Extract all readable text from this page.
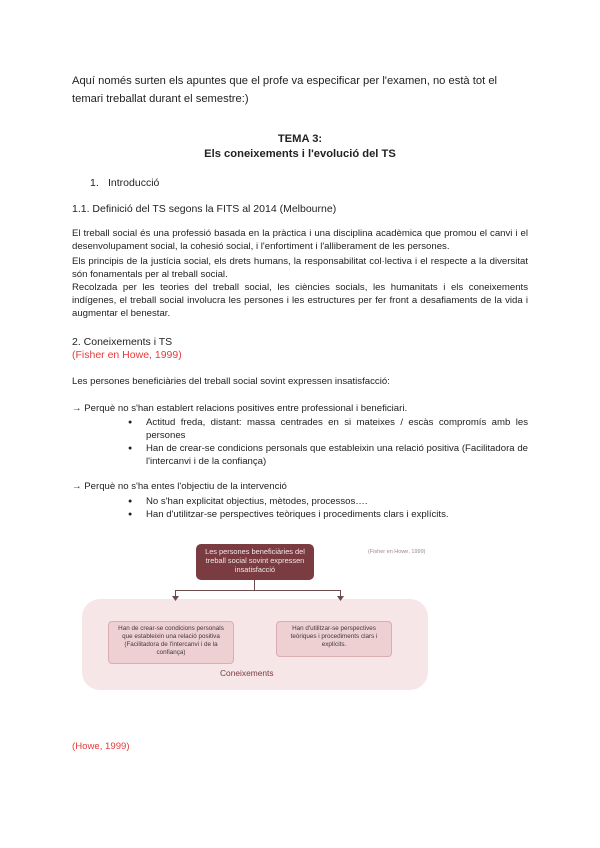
Aquí només surten els apuntes que el profe va especificar per l'examen, no està tot el
temari treballat durant el semestre:)
TEMA 3:
Els coneixements i l'evolució del TS
1. Introducció
1.1. Definició del TS segons la FITS al 2014 (Melbourne)
El treball social és una professió basada en la pràctica i una disciplina acadèmica que promou el canvi i el desenvolupament social, la cohesió social, i l'enfortiment i l'alliberament de les persones.
Els principis de la justícia social, els drets humans, la responsabilitat col·lectiva i el respecte a la diversitat són fonamentals per al treball social.
Recolzada per les teories del treball social, les ciències socials, les humanitats i els coneixements indígenes, el treball social involucra les persones i les estructures per fer front a desafiaments de la vida i augmentar el benestar.
2. Coneixements i TS
(Fisher en Howe, 1999)
Les persones beneficiàries del treball social sovint expressen insatisfacció:
→ Perquè no s'han establert relacions positives entre professional i beneficiari.
● Actitud freda, distant: massa centrades en si mateixes / escàs compromís amb les persones
● Han de crear-se condicions personals que estableixin una relació positiva (Facilitadora de l'intercanvi i de la confiança)
→ Perquè no s'ha entes l'objectiu de la intervenció
● No s'han explicitat objectius, mètodes, processos….
● Han d'utilitzar-se perspectives teòriques i procediments clars i explícits.
Les persones beneficiàries del treball social sovint expressen insatisfacció
(Fisher en Howe, 1999)
Han de crear-se condicions personals que estableixin una relació positiva (Facilitadora de l'intercanvi i de la confiança)
Han d'utilitzar-se perspectives teòriques i procediments clars i explícits.
Coneixements
(Howe, 1999)
